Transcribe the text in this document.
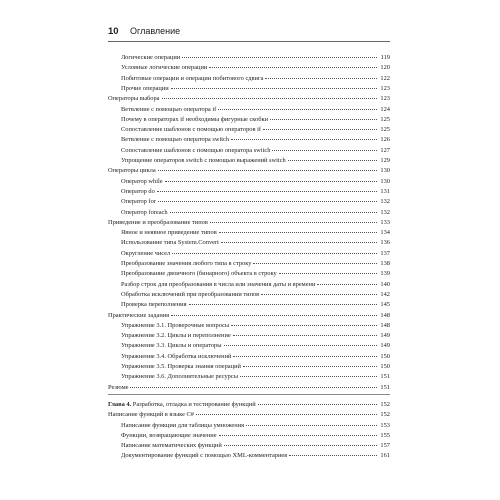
10	Оглавление
Логические операции	119
Условные логические операции	120
Побитовые операции и операции побитового сдвига	122
Прочие операции	123
Операторы выбора	123
Ветвление с помощью оператора if	124
Почему в операторах if необходимы фигурные скобки	125
Сопоставление шаблонов с помощью операторов if	125
Ветвление с помощью оператора switch	126
Сопоставление шаблонов с помощью оператора switch	127
Упрощение операторов switch с помощью выражений switch	129
Операторы цикла	130
Оператор while	130
Оператор do	131
Оператор for	132
Оператор foreach	132
Приведение и преобразование типов	133
Явное и неявное приведение типов	134
Использование типа System.Convert	136
Округление чисел	137
Преобразование значения любого типа в строку	138
Преобразование двоичного (бинарного) объекта в строку	139
Разбор строк для преобразования в числа или значения даты и времени	140
Обработка исключений при преобразовании типов	142
Проверка переполнения	145
Практические задания	148
Упражнение 3.1. Проверочные вопросы	148
Упражнение 3.2. Циклы и переполнение	149
Упражнение 3.3. Циклы и операторы	149
Упражнение 3.4. Обработка исключений	150
Упражнение 3.5. Проверка знания операций	150
Упражнение 3.6. Дополнительные ресурсы	151
Резюме	151
Глава 4. Разработка, отладка и тестирование функций	152
Написание функций в языке C#	152
Написание функции для таблицы умножения	153
Функции, возвращающие значение	155
Написание математических функций	157
Документирование функций с помощью XML-комментариев	161
